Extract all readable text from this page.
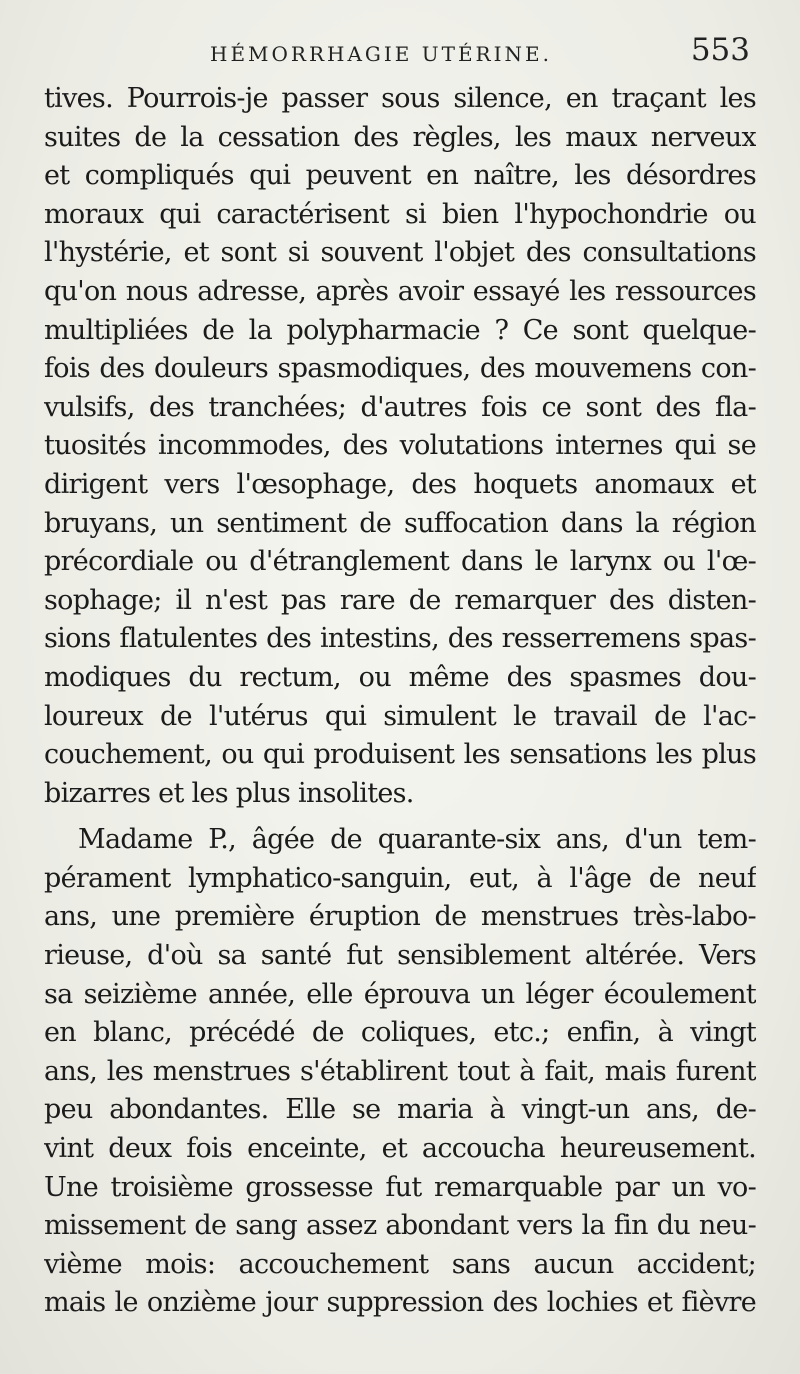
HÉMORRHAGIE UTÉRINE.	553
tives. Pourrois-je passer sous silence, en traçant les
suites de la cessation des règles, les maux nerveux
et compliqués qui peuvent en naître, les désordres
moraux qui caractérisent si bien l'hypochondrie ou
l'hystérie, et sont si souvent l'objet des consultations
qu'on nous adresse, après avoir essayé les ressources
multipliées de la polypharmacie ? Ce sont quelque-
fois des douleurs spasmodiques, des mouvemens con-
vulsifs, des tranchées; d'autres fois ce sont des fla-
tuosités incommodes, des volutations internes qui se
dirigent vers l'œsophage, des hoquets anomaux et
bruyans, un sentiment de suffocation dans la région
précordiale ou d'étranglement dans le larynx ou l'œ-
sophage; il n'est pas rare de remarquer des disten-
sions flatulentes des intestins, des resserremens spas-
modiques du rectum, ou même des spasmes dou-
loureux de l'utérus qui simulent le travail de l'ac-
couchement, ou qui produisent les sensations les plus
bizarres et les plus insolites.
Madame P., âgée de quarante-six ans, d'un tem-
pérament lymphatico-sanguin, eut, à l'âge de neuf
ans, une première éruption de menstrues très-labo-
rieuse, d'où sa santé fut sensiblement altérée. Vers
sa seizième année, elle éprouva un léger écoulement
en blanc, précédé de coliques, etc.; enfin, à vingt
ans, les menstrues s'établirent tout à fait, mais furent
peu abondantes. Elle se maria à vingt-un ans, de-
vint deux fois enceinte, et accoucha heureusement.
Une troisième grossesse fut remarquable par un vo-
missement de sang assez abondant vers la fin du neu-
vième mois: accouchement sans aucun accident;
mais le onzième jour suppression des lochies et fièvre
